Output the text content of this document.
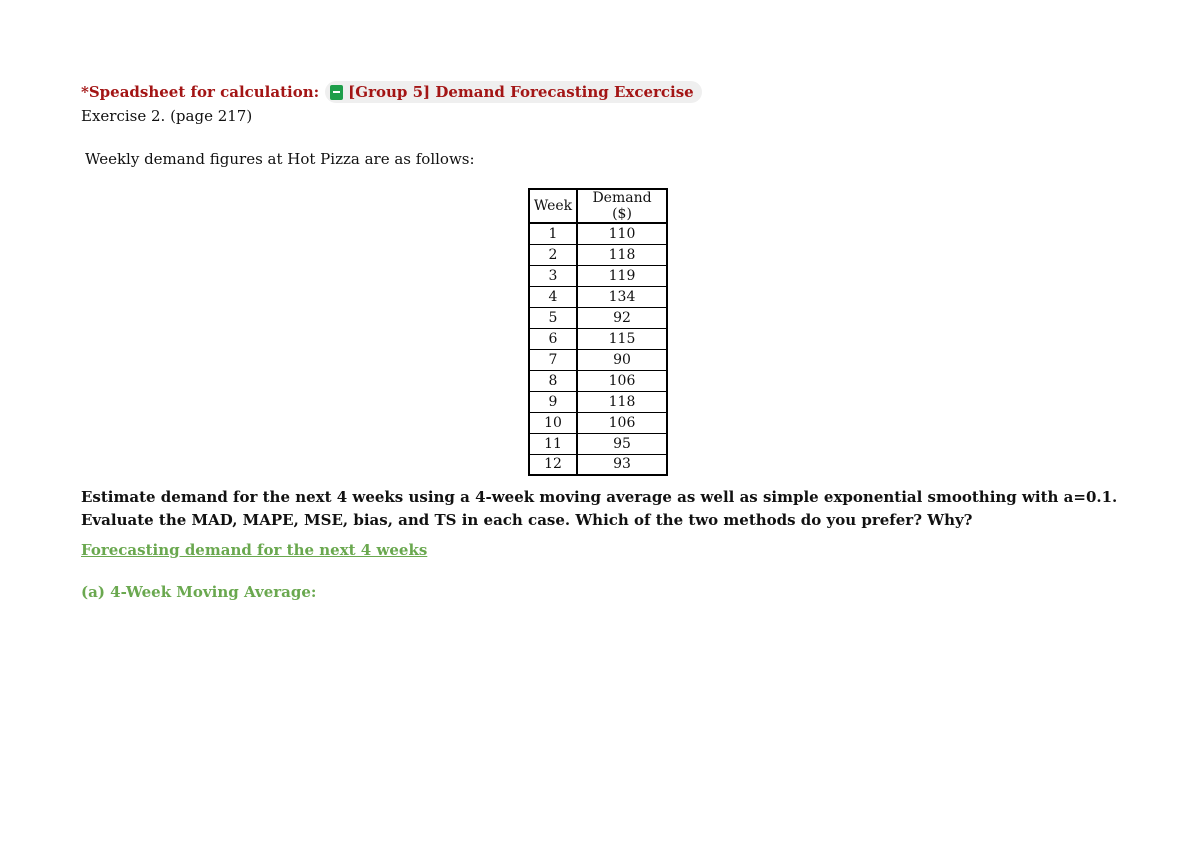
*Speadsheet for calculation: [Group 5] Demand Forecasting Excercise
Exercise 2. (page 217)
Weekly demand figures at Hot Pizza are as follows:
Week	Demand ($)
1	110
2	118
3	119
4	134
5	92
6	115
7	90
8	106
9	118
10	106
11	95
12	93

Estimate demand for the next 4 weeks using a 4-week moving average as well as simple exponential smoothing with a=0.1. Evaluate the MAD, MAPE, MSE, bias, and TS in each case. Which of the two methods do you prefer? Why?

Forecasting demand for the next 4 weeks
(a) 4-Week Moving Average:
